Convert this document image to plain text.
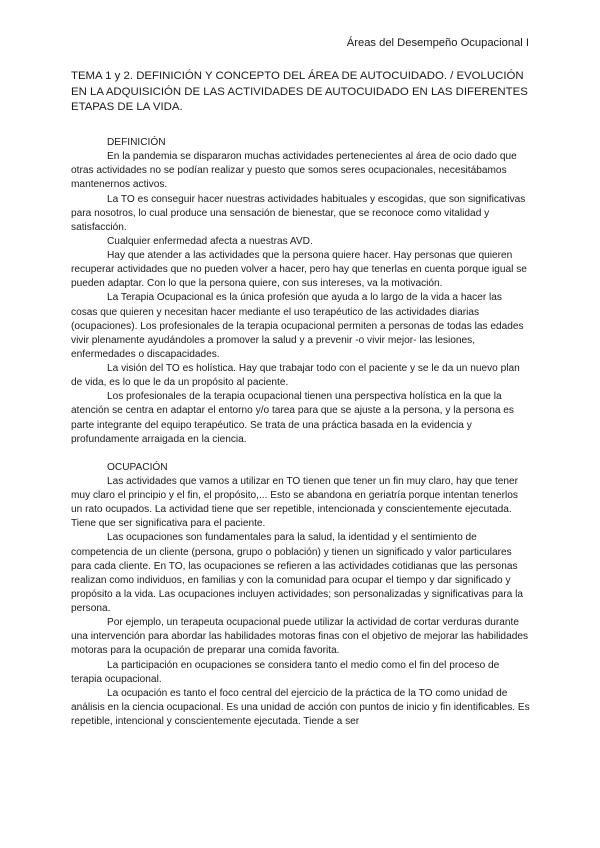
Áreas del Desempeño Ocupacional I
TEMA 1 y 2. DEFINICIÓN Y CONCEPTO DEL ÁREA DE AUTOCUIDADO. / EVOLUCIÓN EN LA ADQUISICIÓN DE LAS ACTIVIDADES DE AUTOCUIDADO EN LAS DIFERENTES ETAPAS DE LA VIDA.

DEFINICIÓN

En la pandemia se dispararon muchas actividades pertenecientes al área de ocio dado que otras actividades no se podían realizar y puesto que somos seres ocupacionales, necesitábamos mantenernos activos.

La TO es conseguir hacer nuestras actividades habituales y escogidas, que son significativas para nosotros, lo cual produce una sensación de bienestar, que se reconoce como vitalidad y satisfacción.

Cualquier enfermedad afecta a nuestras AVD.

Hay que atender a las actividades que la persona quiere hacer. Hay personas que quieren recuperar actividades que no pueden volver a hacer, pero hay que tenerlas en cuenta porque igual se pueden adaptar. Con lo que la persona quiere, con sus intereses, va la motivación.

La Terapia Ocupacional es la única profesión que ayuda a lo largo de la vida a hacer las cosas que quieren y necesitan hacer mediante el uso terapéutico de las actividades diarias (ocupaciones). Los profesionales de la terapia ocupacional permiten a personas de todas las edades vivir plenamente ayudándoles a promover la salud y a prevenir -o vivir mejor- las lesiones, enfermedades o discapacidades.

La visión del TO es holística. Hay que trabajar todo con el paciente y se le da un nuevo plan de vida, es lo que le da un propósito al paciente.

Los profesionales de la terapia ocupacional tienen una perspectiva holística en la que la atención se centra en adaptar el entorno y/o tarea para que se ajuste a la persona, y la persona es parte integrante del equipo terapéutico. Se trata de una práctica basada en la evidencia y profundamente arraigada en la ciencia.

OCUPACIÓN

Las actividades que vamos a utilizar en TO tienen que tener un fin muy claro, hay que tener muy claro el principio y el fin, el propósito,... Esto se abandona en geriatría porque intentan tenerlos un rato ocupados. La actividad tiene que ser repetible, intencionada y conscientemente ejecutada. Tiene que ser significativa para el paciente.

Las ocupaciones son fundamentales para la salud, la identidad y el sentimiento de competencia de un cliente (persona, grupo o población) y tienen un significado y valor particulares para cada cliente. En TO, las ocupaciones se refieren a las actividades cotidianas que las personas realizan como individuos, en familias y con la comunidad para ocupar el tiempo y dar significado y propósito a la vida. Las ocupaciones incluyen actividades; son personalizadas y significativas para la persona.

Por ejemplo, un terapeuta ocupacional puede utilizar la actividad de cortar verduras durante una intervención para abordar las habilidades motoras finas con el objetivo de mejorar las habilidades motoras para la ocupación de preparar una comida favorita.

La participación en ocupaciones se considera tanto el medio como el fin del proceso de terapia ocupacional.

La ocupación es tanto el foco central del ejercicio de la práctica de la TO como unidad de análisis en la ciencia ocupacional. Es una unidad de acción con puntos de inicio y fin identificables. Es repetible, intencional y conscientemente ejecutada. Tiende a ser
